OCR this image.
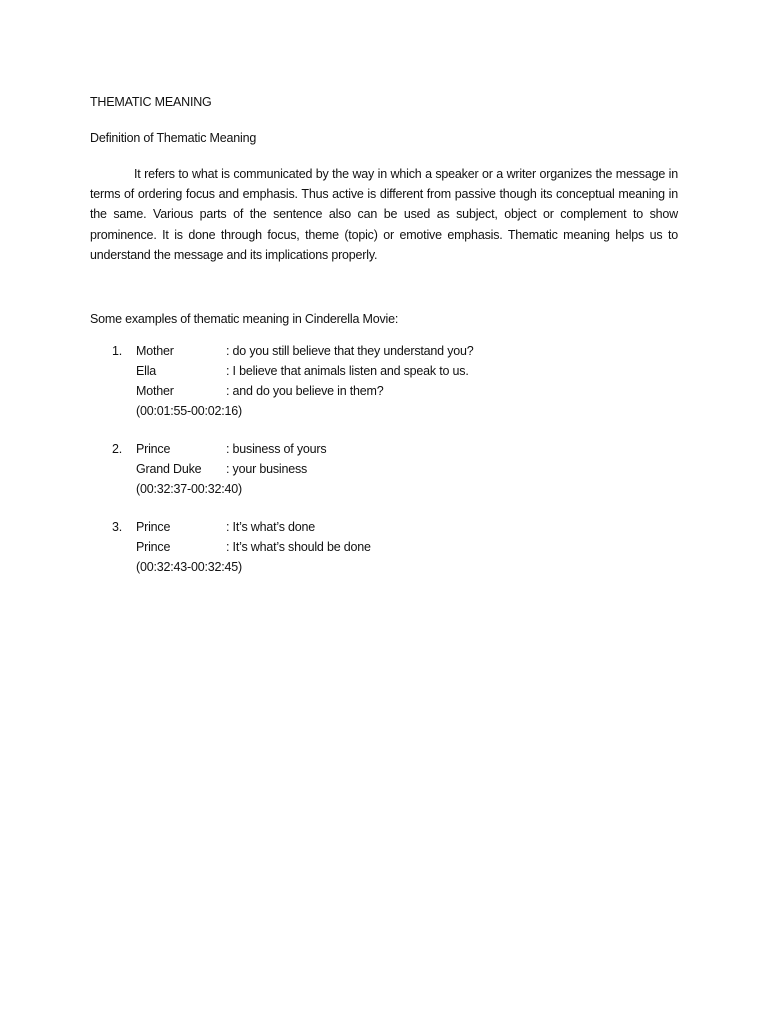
THEMATIC MEANING
Definition of Thematic Meaning

It refers to what is communicated by the way in which a speaker or a writer organizes the message in terms of ordering focus and emphasis. Thus active is different from passive though its conceptual meaning in the same. Various parts of the sentence also can be used as subject, object or complement to show prominence. It is done through focus, theme (topic) or emotive emphasis. Thematic meaning helps us to understand the message and its implications properly.

Some examples of thematic meaning in Cinderella Movie:

1.	Mother	: do you still believe that they understand you?
Ella	: I believe that animals listen and speak to us.
Mother	: and do you believe in them?
(00:01:55-00:02:16)
2.	Prince	: business of yours
Grand Duke	: your business
(00:32:37-00:32:40)
3.	Prince	: It’s what’s done
Prince	: It’s what’s should be done
(00:32:43-00:32:45)
